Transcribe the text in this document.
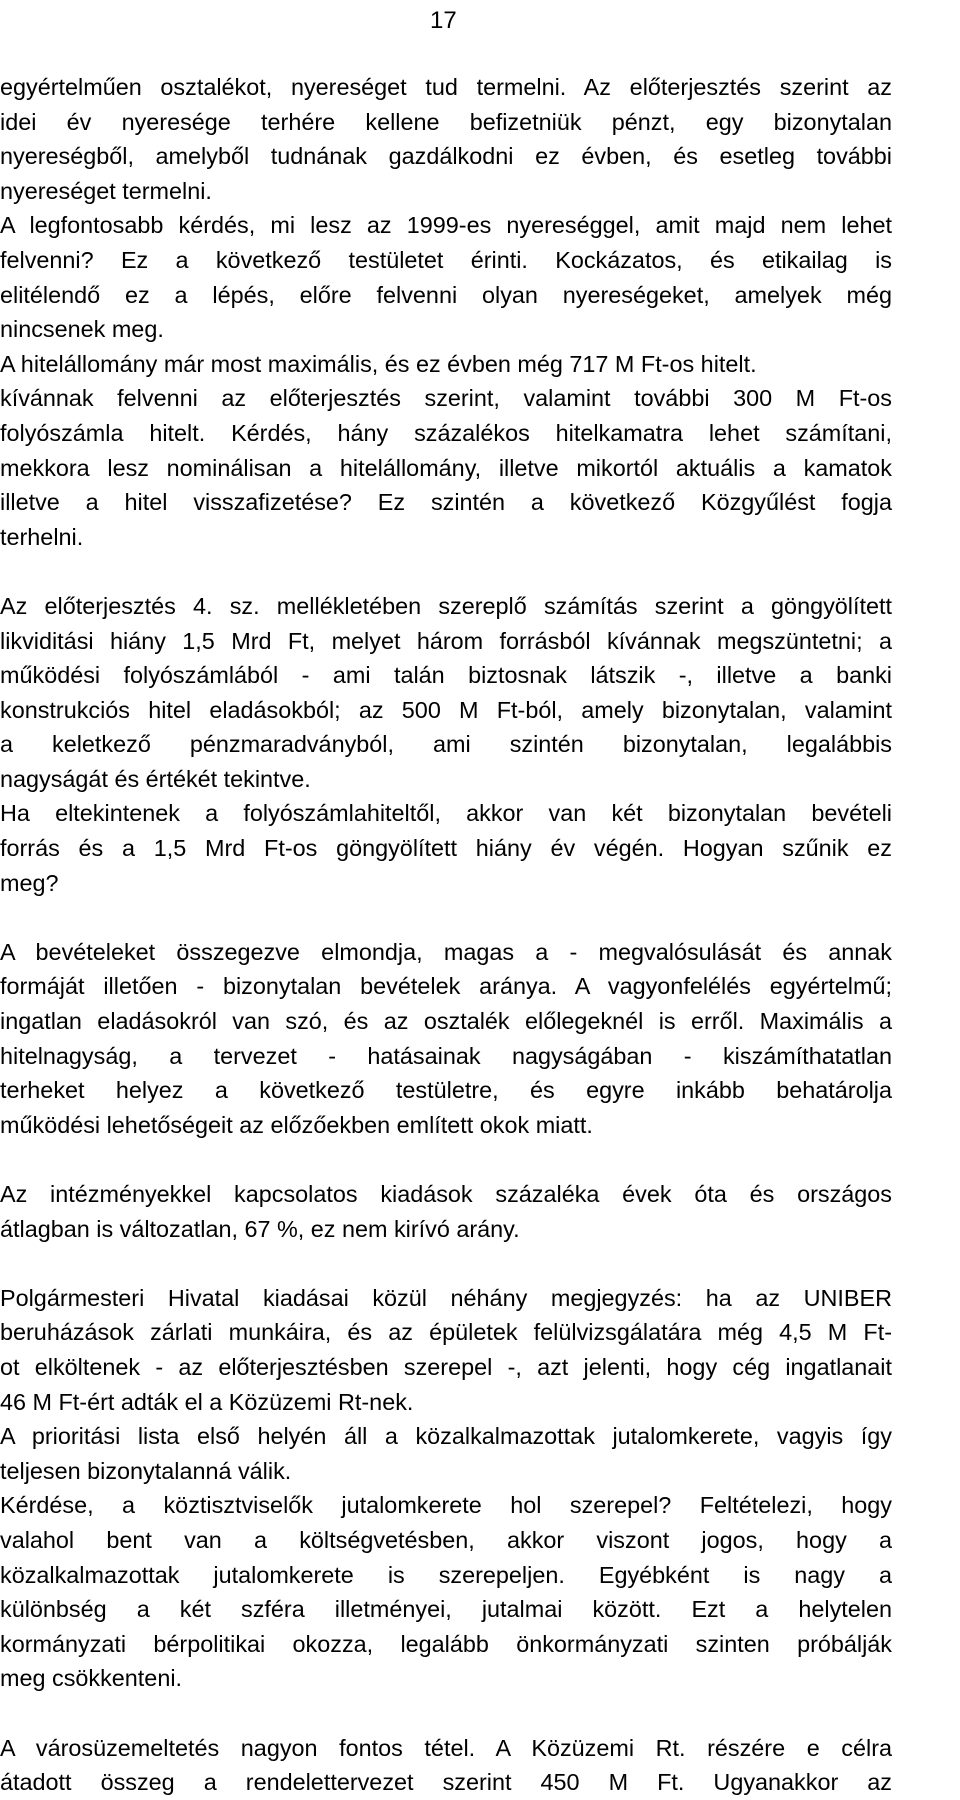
17
egyértelműen osztalékot, nyereséget tud termelni. Az előterjesztés szerint az
idei év nyeresége terhére kellene befizetniük pénzt, egy bizonytalan
nyereségből, amelyből tudnának gazdálkodni ez évben, és esetleg további
nyereséget termelni.
A legfontosabb kérdés, mi lesz az 1999-es nyereséggel, amit majd nem lehet
felvenni? Ez a következő testületet érinti. Kockázatos, és etikailag is
elitélendő ez a lépés, előre felvenni olyan nyereségeket, amelyek még
nincsenek meg.
A hitelállomány már most maximális, és ez évben még 717 M Ft-os hitelt.
kívánnak felvenni az előterjesztés szerint, valamint további 300 M Ft-os
folyószámla hitelt. Kérdés, hány százalékos hitelkamatra lehet számítani,
mekkora lesz nominálisan a hitelállomány, illetve mikortól aktuális a kamatok
illetve a hitel visszafizetése? Ez szintén a következő Közgyűlést fogja
terhelni.
Az előterjesztés 4. sz. mellékletében szereplő számítás szerint a göngyölített
likviditási hiány 1,5 Mrd Ft, melyet három forrásból kívánnak megszüntetni; a
működési folyószámlából - ami talán biztosnak látszik -, illetve a banki
konstrukciós hitel eladásokból; az 500 M Ft-ból, amely bizonytalan, valamint
a keletkező pénzmaradványból, ami szintén bizonytalan, legalábbis
nagyságát és értékét tekintve.
Ha eltekintenek a folyószámlahiteltől, akkor van két bizonytalan bevételi
forrás és a 1,5 Mrd Ft-os göngyölített hiány év végén. Hogyan szűnik ez
meg?
A bevételeket összegezve elmondja, magas a - megvalósulását és annak
formáját illetően - bizonytalan bevételek aránya. A vagyonfelélés egyértelmű;
ingatlan eladásokról van szó, és az osztalék előlegeknél is erről. Maximális a
hitelnagyság, a tervezet - hatásainak nagyságában - kiszámíthatatlan
terheket helyez a következő testületre, és egyre inkább behatárolja
működési lehetőségeit az előzőekben említett okok miatt.
Az intézményekkel kapcsolatos kiadások százaléka évek óta és országos
átlagban is változatlan, 67 %, ez nem kirívó arány.
Polgármesteri Hivatal kiadásai közül néhány megjegyzés: ha az UNIBER
beruházások zárlati munkáira, és az épületek felülvizsgálatára még 4,5 M Ft-
ot elköltenek - az előterjesztésben szerepel -, azt jelenti, hogy cég ingatlanait
46 M Ft-ért adták el a Közüzemi Rt-nek.
A prioritási lista első helyén áll a közalkalmazottak jutalomkerete, vagyis így
teljesen bizonytalanná válik.
Kérdése, a köztisztviselők jutalomkerete hol szerepel? Feltételezi, hogy
valahol bent van a költségvetésben, akkor viszont jogos, hogy a
közalkalmazottak jutalomkerete is szerepeljen. Egyébként is nagy a
különbség a két szféra illetményei, jutalmai között. Ezt a helytelen
kormányzati bérpolitikai okozza, legalább önkormányzati szinten próbálják
meg csökkenteni.
A városüzemeltetés nagyon fontos tétel. A Közüzemi Rt. részére e célra
átadott összeg a rendelettervezet szerint 450 M Ft. Ugyanakkor az
